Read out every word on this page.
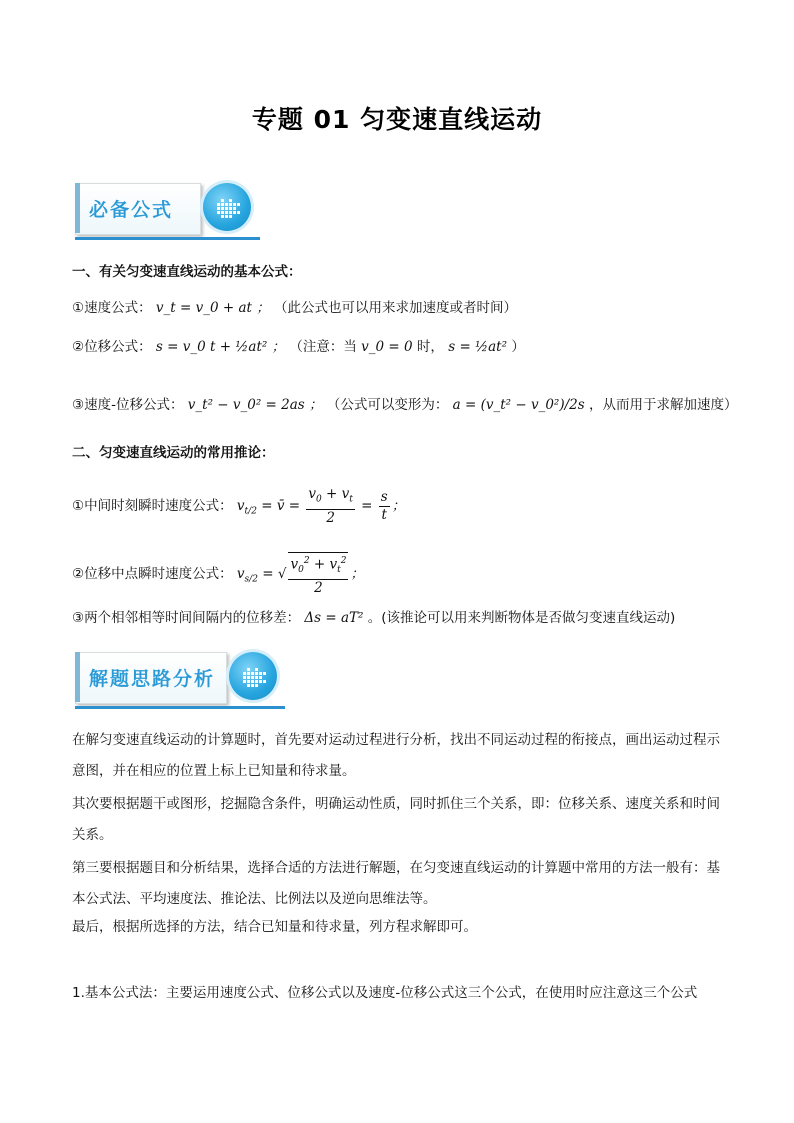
专题 01 匀变速直线运动
必备公式
一、有关匀变速直线运动的基本公式：
①速度公式： v_t = v_0 + at ； （此公式也可以用来求加速度或者时间）
②位移公式： s = v_0 t + ½at² ； （注意：当 v_0 = 0 时， s = ½at² ）
③速度-位移公式： v_t² − v_0² = 2as ； （公式可以变形为： a = (v_t² − v_0²)/2s ，从而用于求解加速度）
二、匀变速直线运动的常用推论：
①中间时刻瞬时速度公式： $v_{t/2}$ = v̄ = $\frac{v_0 + v_t}{2} = \frac{s}{t}$ ；
②位移中点瞬时速度公式： $v_{s/2}$ = √ $\frac{v_0^2 + v_t^2}{2}$ ；
③两个相邻相等时间间隔内的位移差： Δs = aT² 。(该推论可以用来判断物体是否做匀变速直线运动)
解题思路分析
在解匀变速直线运动的计算题时，首先要对运动过程进行分析，找出不同运动过程的衔接点，画出运动过程示意图，并在相应的位置上标上已知量和待求量。
其次要根据题干或图形，挖掘隐含条件，明确运动性质，同时抓住三个关系，即：位移关系、速度关系和时间关系。
第三要根据题目和分析结果，选择合适的方法进行解题，在匀变速直线运动的计算题中常用的方法一般有：基本公式法、平均速度法、推论法、比例法以及逆向思维法等。
最后，根据所选择的方法，结合已知量和待求量，列方程求解即可。
1.基本公式法：主要运用速度公式、位移公式以及速度-位移公式这三个公式，在使用时应注意这三个公式
